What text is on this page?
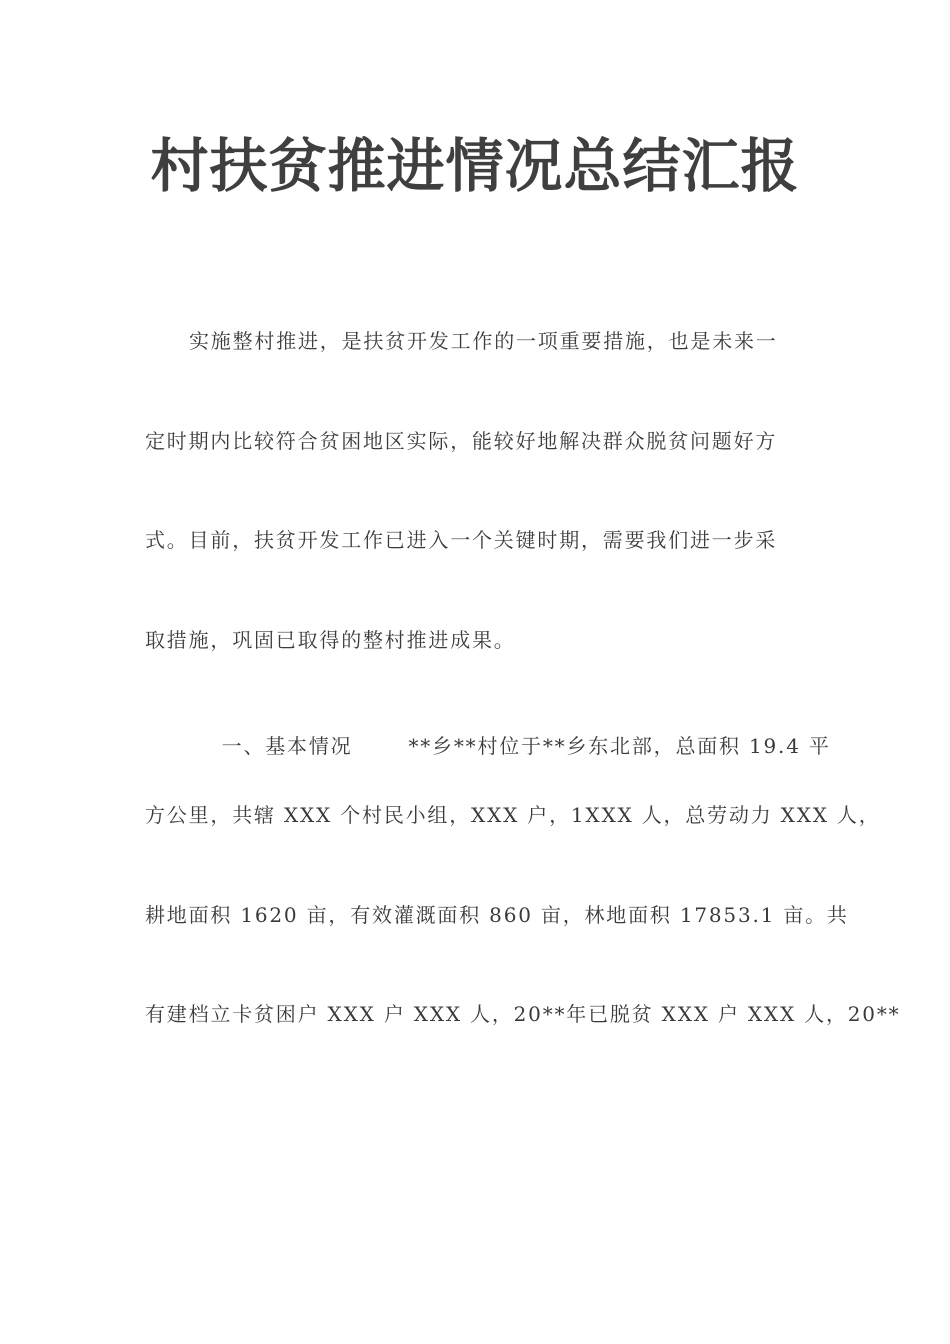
村扶贫推进情况总结汇报
实施整村推进，是扶贫开发工作的一项重要措施，也是未来一
定时期内比较符合贫困地区实际，能较好地解决群众脱贫问题好方
式。目前，扶贫开发工作已进入一个关键时期，需要我们进一步采
取措施，巩固已取得的整村推进成果。

一、基本情况	**乡**村位于**乡东北部，总面积 19.4 平

方公里，共辖 XXX 个村民小组，XXX 户，1XXX 人，总劳动力 XXX 人，
耕地面积 1620 亩，有效灌溉面积 860 亩，林地面积 17853.1 亩。共
有建档立卡贫困户 XXX 户 XXX 人，20**年已脱贫 XXX 户 XXX 人，20**
